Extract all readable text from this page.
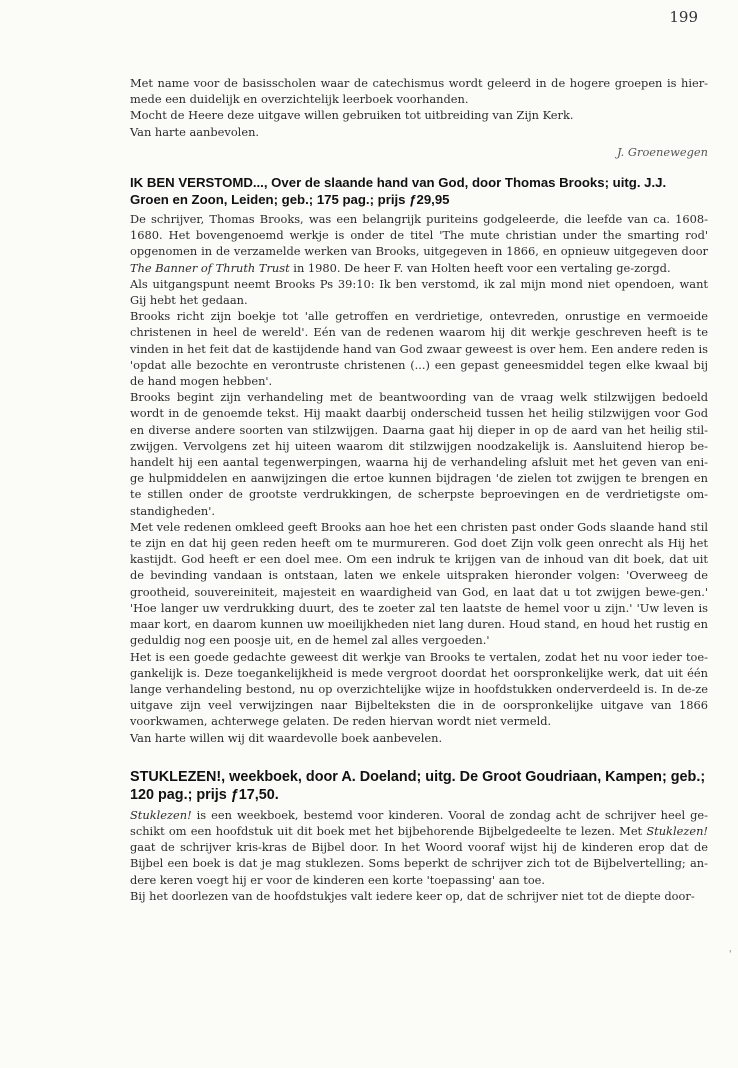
199

Met name voor de basisscholen waar de catechismus wordt geleerd in de hogere groepen is hier-mede een duidelijk en overzichtelijk leerboek voorhanden.

Mocht de Heere deze uitgave willen gebruiken tot uitbreiding van Zijn Kerk.

Van harte aanbevolen.

J. Groenewegen

IK BEN VERSTOMD..., Over de slaande hand van God, door Thomas Brooks; uitg. J.J. Groen en Zoon, Leiden; geb.; 175 pag.; prijs ƒ29,95

De schrijver, Thomas Brooks, was een belangrijk puriteins godgeleerde, die leefde van ca. 1608-1680. Het bovengenoemd werkje is onder de titel 'The mute christian under the smarting rod' opgenomen in de verzamelde werken van Brooks, uitgegeven in 1866, en opnieuw uitgegeven door The Banner of Thruth Trust in 1980. De heer F. van Holten heeft voor een vertaling ge-zorgd.

Als uitgangspunt neemt Brooks Ps 39:10: Ik ben verstomd, ik zal mijn mond niet opendoen, want Gij hebt het gedaan.

Brooks richt zijn boekje tot 'alle getroffen en verdrietige, ontevreden, onrustige en vermoeide christenen in heel de wereld'. Eén van de redenen waarom hij dit werkje geschreven heeft is te vinden in het feit dat de kastijdende hand van God zwaar geweest is over hem. Een andere reden is 'opdat alle bezochte en verontruste christenen (...) een gepast geneesmiddel tegen elke kwaal bij de hand mogen hebben'.

Brooks begint zijn verhandeling met de beantwoording van de vraag welk stilzwijgen bedoeld wordt in de genoemde tekst. Hij maakt daarbij onderscheid tussen het heilig stilzwijgen voor God en diverse andere soorten van stilzwijgen. Daarna gaat hij dieper in op de aard van het heilig stil-zwijgen. Vervolgens zet hij uiteen waarom dit stilzwijgen noodzakelijk is. Aansluitend hierop be-handelt hij een aantal tegenwerpingen, waarna hij de verhandeling afsluit met het geven van eni-ge hulpmiddelen en aanwijzingen die ertoe kunnen bijdragen 'de zielen tot zwijgen te brengen en te stillen onder de grootste verdrukkingen, de scherpste beproevingen en de verdrietigste om-standigheden'.

Met vele redenen omkleed geeft Brooks aan hoe het een christen past onder Gods slaande hand stil te zijn en dat hij geen reden heeft om te murmureren. God doet Zijn volk geen onrecht als Hij het kastijdt. God heeft er een doel mee. Om een indruk te krijgen van de inhoud van dit boek, dat uit de bevinding vandaan is ontstaan, laten we enkele uitspraken hieronder volgen: 'Overweeg de grootheid, souvereiniteit, majesteit en waardigheid van God, en laat dat u tot zwijgen bewe-gen.' 'Hoe langer uw verdrukking duurt, des te zoeter zal ten laatste de hemel voor u zijn.' 'Uw leven is maar kort, en daarom kunnen uw moeilijkheden niet lang duren. Houd stand, en houd het rustig en geduldig nog een poosje uit, en de hemel zal alles vergoeden.'

Het is een goede gedachte geweest dit werkje van Brooks te vertalen, zodat het nu voor ieder toe-gankelijk is. Deze toegankelijkheid is mede vergroot doordat het oorspronkelijke werk, dat uit één lange verhandeling bestond, nu op overzichtelijke wijze in hoofdstukken onderverdeeld is. In de-ze uitgave zijn veel verwijzingen naar Bijbelteksten die in de oorspronkelijke uitgave van 1866 voorkwamen, achterwege gelaten. De reden hiervan wordt niet vermeld.

Van harte willen wij dit waardevolle boek aanbevelen.

STUKLEZEN!, weekboek, door A. Doeland; uitg. De Groot Goudriaan, Kampen; geb.; 120 pag.; prijs ƒ17,50.

Stuklezen! is een weekboek, bestemd voor kinderen. Vooral de zondag acht de schrijver heel ge-schikt om een hoofdstuk uit dit boek met het bijbehorende Bijbelgedeelte te lezen. Met Stuklezen! gaat de schrijver kris-kras de Bijbel door. In het Woord vooraf wijst hij de kinderen erop dat de Bijbel een boek is dat je mag stuklezen. Soms beperkt de schrijver zich tot de Bijbelvertelling; an-dere keren voegt hij er voor de kinderen een korte 'toepassing' aan toe.

Bij het doorlezen van de hoofdstukjes valt iedere keer op, dat de schrijver niet tot de diepte door-

'
